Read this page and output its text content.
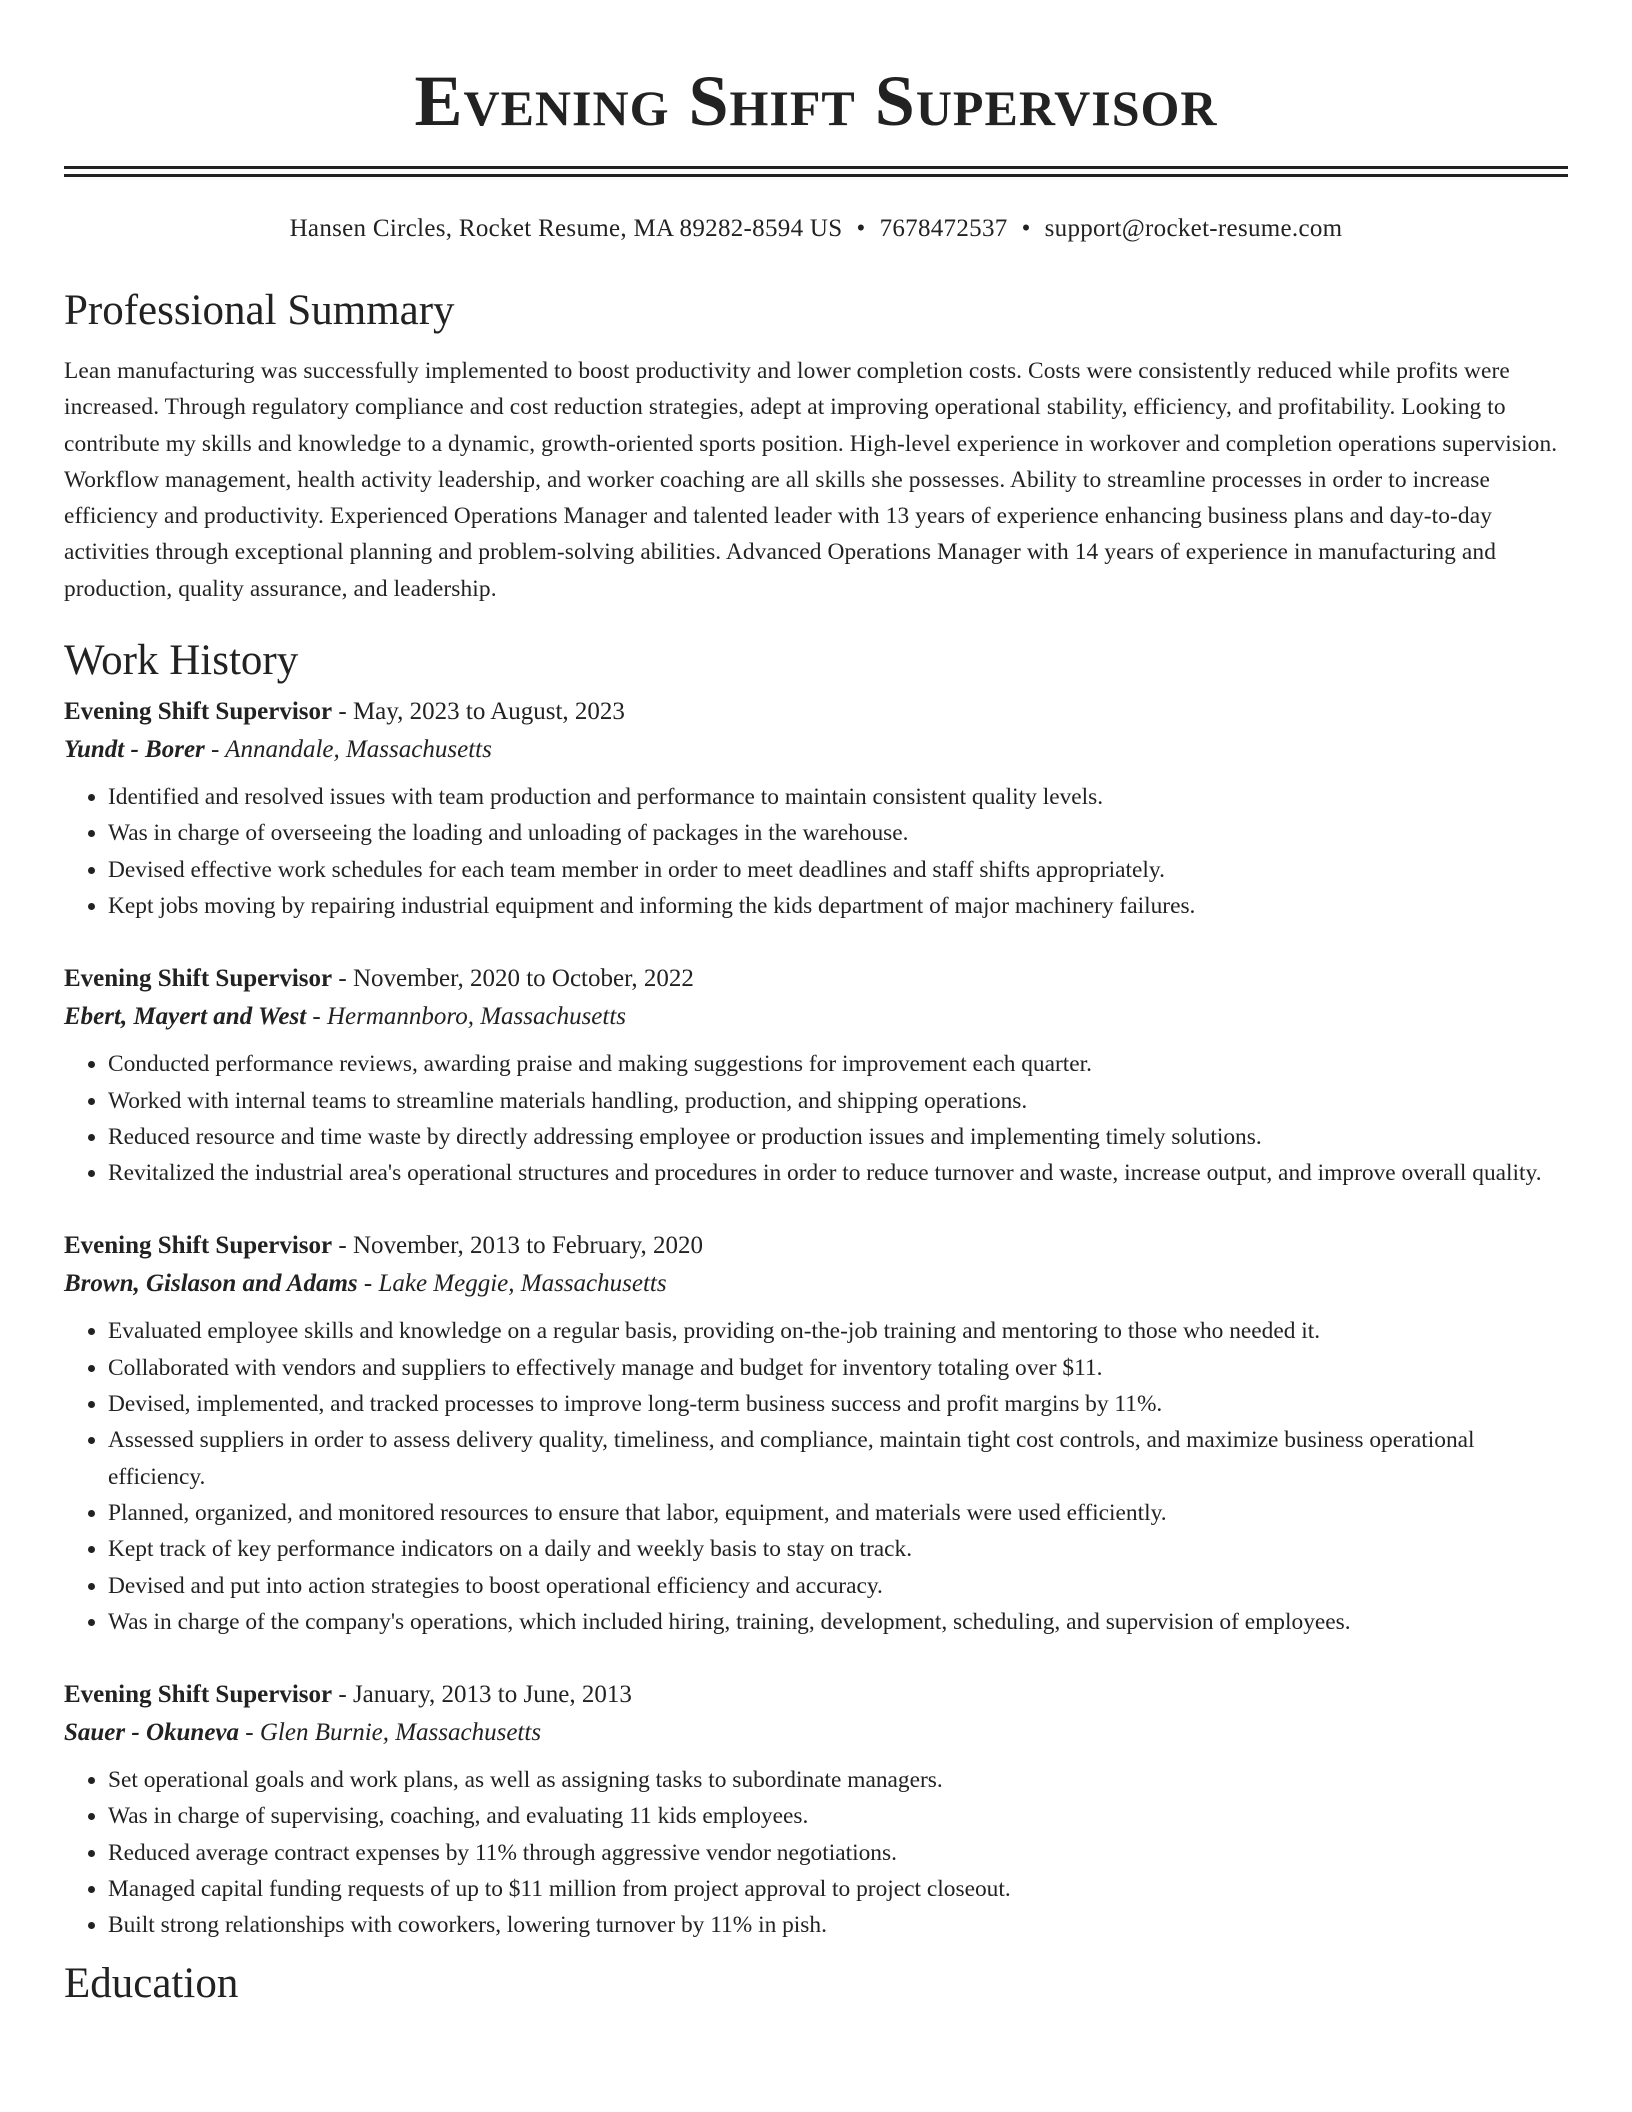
Evening Shift Supervisor
Hansen Circles, Rocket Resume, MA 89282-8594 US • 7678472537 • support@rocket-resume.com
Professional Summary

Lean manufacturing was successfully implemented to boost productivity and lower completion costs. Costs were consistently reduced while profits were increased. Through regulatory compliance and cost reduction strategies, adept at improving operational stability, efficiency, and profitability. Looking to contribute my skills and knowledge to a dynamic, growth-oriented sports position. High-level experience in workover and completion operations supervision. Workflow management, health activity leadership, and worker coaching are all skills she possesses. Ability to streamline processes in order to increase efficiency and productivity. Experienced Operations Manager and talented leader with 13 years of experience enhancing business plans and day-to-day activities through exceptional planning and problem-solving abilities. Advanced Operations Manager with 14 years of experience in manufacturing and production, quality assurance, and leadership.

Work History
Evening Shift Supervisor - May, 2023 to August, 2023
Yundt - Borer - Annandale, Massachusetts
• Identified and resolved issues with team production and performance to maintain consistent quality levels.
• Was in charge of overseeing the loading and unloading of packages in the warehouse.
• Devised effective work schedules for each team member in order to meet deadlines and staff shifts appropriately.
• Kept jobs moving by repairing industrial equipment and informing the kids department of major machinery failures.
Evening Shift Supervisor - November, 2020 to October, 2022
Ebert, Mayert and West - Hermannboro, Massachusetts
• Conducted performance reviews, awarding praise and making suggestions for improvement each quarter.
• Worked with internal teams to streamline materials handling, production, and shipping operations.
• Reduced resource and time waste by directly addressing employee or production issues and implementing timely solutions.
• Revitalized the industrial area's operational structures and procedures in order to reduce turnover and waste, increase output, and improve overall quality.
Evening Shift Supervisor - November, 2013 to February, 2020
Brown, Gislason and Adams - Lake Meggie, Massachusetts
• Evaluated employee skills and knowledge on a regular basis, providing on-the-job training and mentoring to those who needed it.
• Collaborated with vendors and suppliers to effectively manage and budget for inventory totaling over $11.
• Devised, implemented, and tracked processes to improve long-term business success and profit margins by 11%.
• Assessed suppliers in order to assess delivery quality, timeliness, and compliance, maintain tight cost controls, and maximize business operational efficiency.
• Planned, organized, and monitored resources to ensure that labor, equipment, and materials were used efficiently.
• Kept track of key performance indicators on a daily and weekly basis to stay on track.
• Devised and put into action strategies to boost operational efficiency and accuracy.
• Was in charge of the company's operations, which included hiring, training, development, scheduling, and supervision of employees.
Evening Shift Supervisor - January, 2013 to June, 2013
Sauer - Okuneva - Glen Burnie, Massachusetts
• Set operational goals and work plans, as well as assigning tasks to subordinate managers.
• Was in charge of supervising, coaching, and evaluating 11 kids employees.
• Reduced average contract expenses by 11% through aggressive vendor negotiations.
• Managed capital funding requests of up to $11 million from project approval to project closeout.
• Built strong relationships with coworkers, lowering turnover by 11% in pish.
Education
